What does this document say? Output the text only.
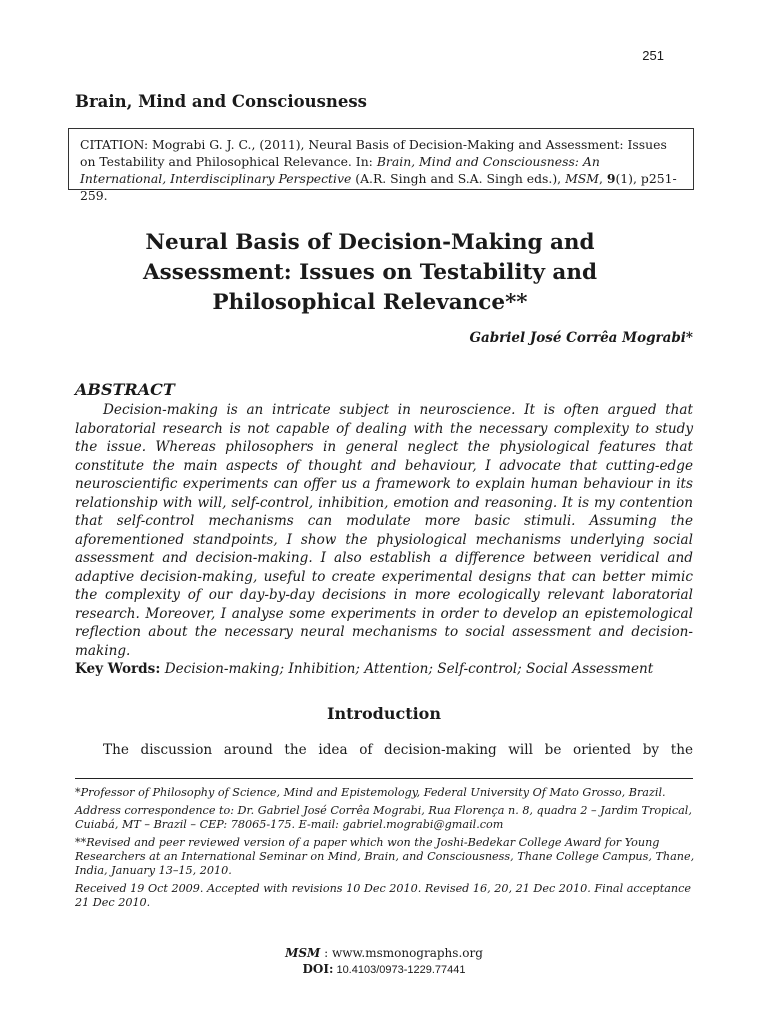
251
Brain, Mind and Consciousness
CITATION: Mograbi G. J. C., (2011), Neural Basis of Decision-Making and Assessment: Issues on Testability and Philosophical Relevance. In: Brain, Mind and Consciousness: An International, Interdisciplinary Perspective (A.R. Singh and S.A. Singh eds.), MSM, 9(1), p251-259.
Neural Basis of Decision-Making and
Assessment: Issues on Testability and
Philosophical Relevance**
Gabriel José Corrêa Mograbi*
ABSTRACT

Decision-making is an intricate subject in neuroscience. It is often argued that laboratorial research is not capable of dealing with the necessary complexity to study the issue. Whereas philosophers in general neglect the physiological features that constitute the main aspects of thought and behaviour, I advocate that cutting-edge neuroscientific experiments can offer us a framework to explain human behaviour in its relationship with will, self-control, inhibition, emotion and reasoning. It is my contention that self-control mechanisms can modulate more basic stimuli. Assuming the aforementioned standpoints, I show the physiological mechanisms underlying social assessment and decision-making. I also establish a difference between veridical and adaptive decision-making, useful to create experimental designs that can better mimic the complexity of our day-by-day decisions in more ecologically relevant laboratorial research. Moreover, I analyse some experiments in order to develop an epistemological reflection about the necessary neural mechanisms to social assessment and decision-making.

Key Words: Decision-making; Inhibition; Attention; Self-control; Social Assessment
Introduction

The discussion around the idea of decision-making will be oriented by the

*Professor of Philosophy of Science, Mind and Epistemology, Federal University Of Mato Grosso, Brazil.

Address correspondence to: Dr. Gabriel José Corrêa Mograbi, Rua Florença n. 8, quadra 2 – Jardim Tropical, Cuiabá, MT – Brazil – CEP: 78065-175. E-mail: gabriel.mograbi@gmail.com

**Revised and peer reviewed version of a paper which won the Joshi-Bedekar College Award for Young Researchers at an International Seminar on Mind, Brain, and Consciousness, Thane College Campus, Thane, India, January 13–15, 2010.

Received 19 Oct 2009. Accepted with revisions 10 Dec 2010. Revised 16, 20, 21 Dec 2010. Final acceptance 21 Dec 2010.

MSM : www.msmonographs.org
DOI: 10.4103/0973-1229.77441
